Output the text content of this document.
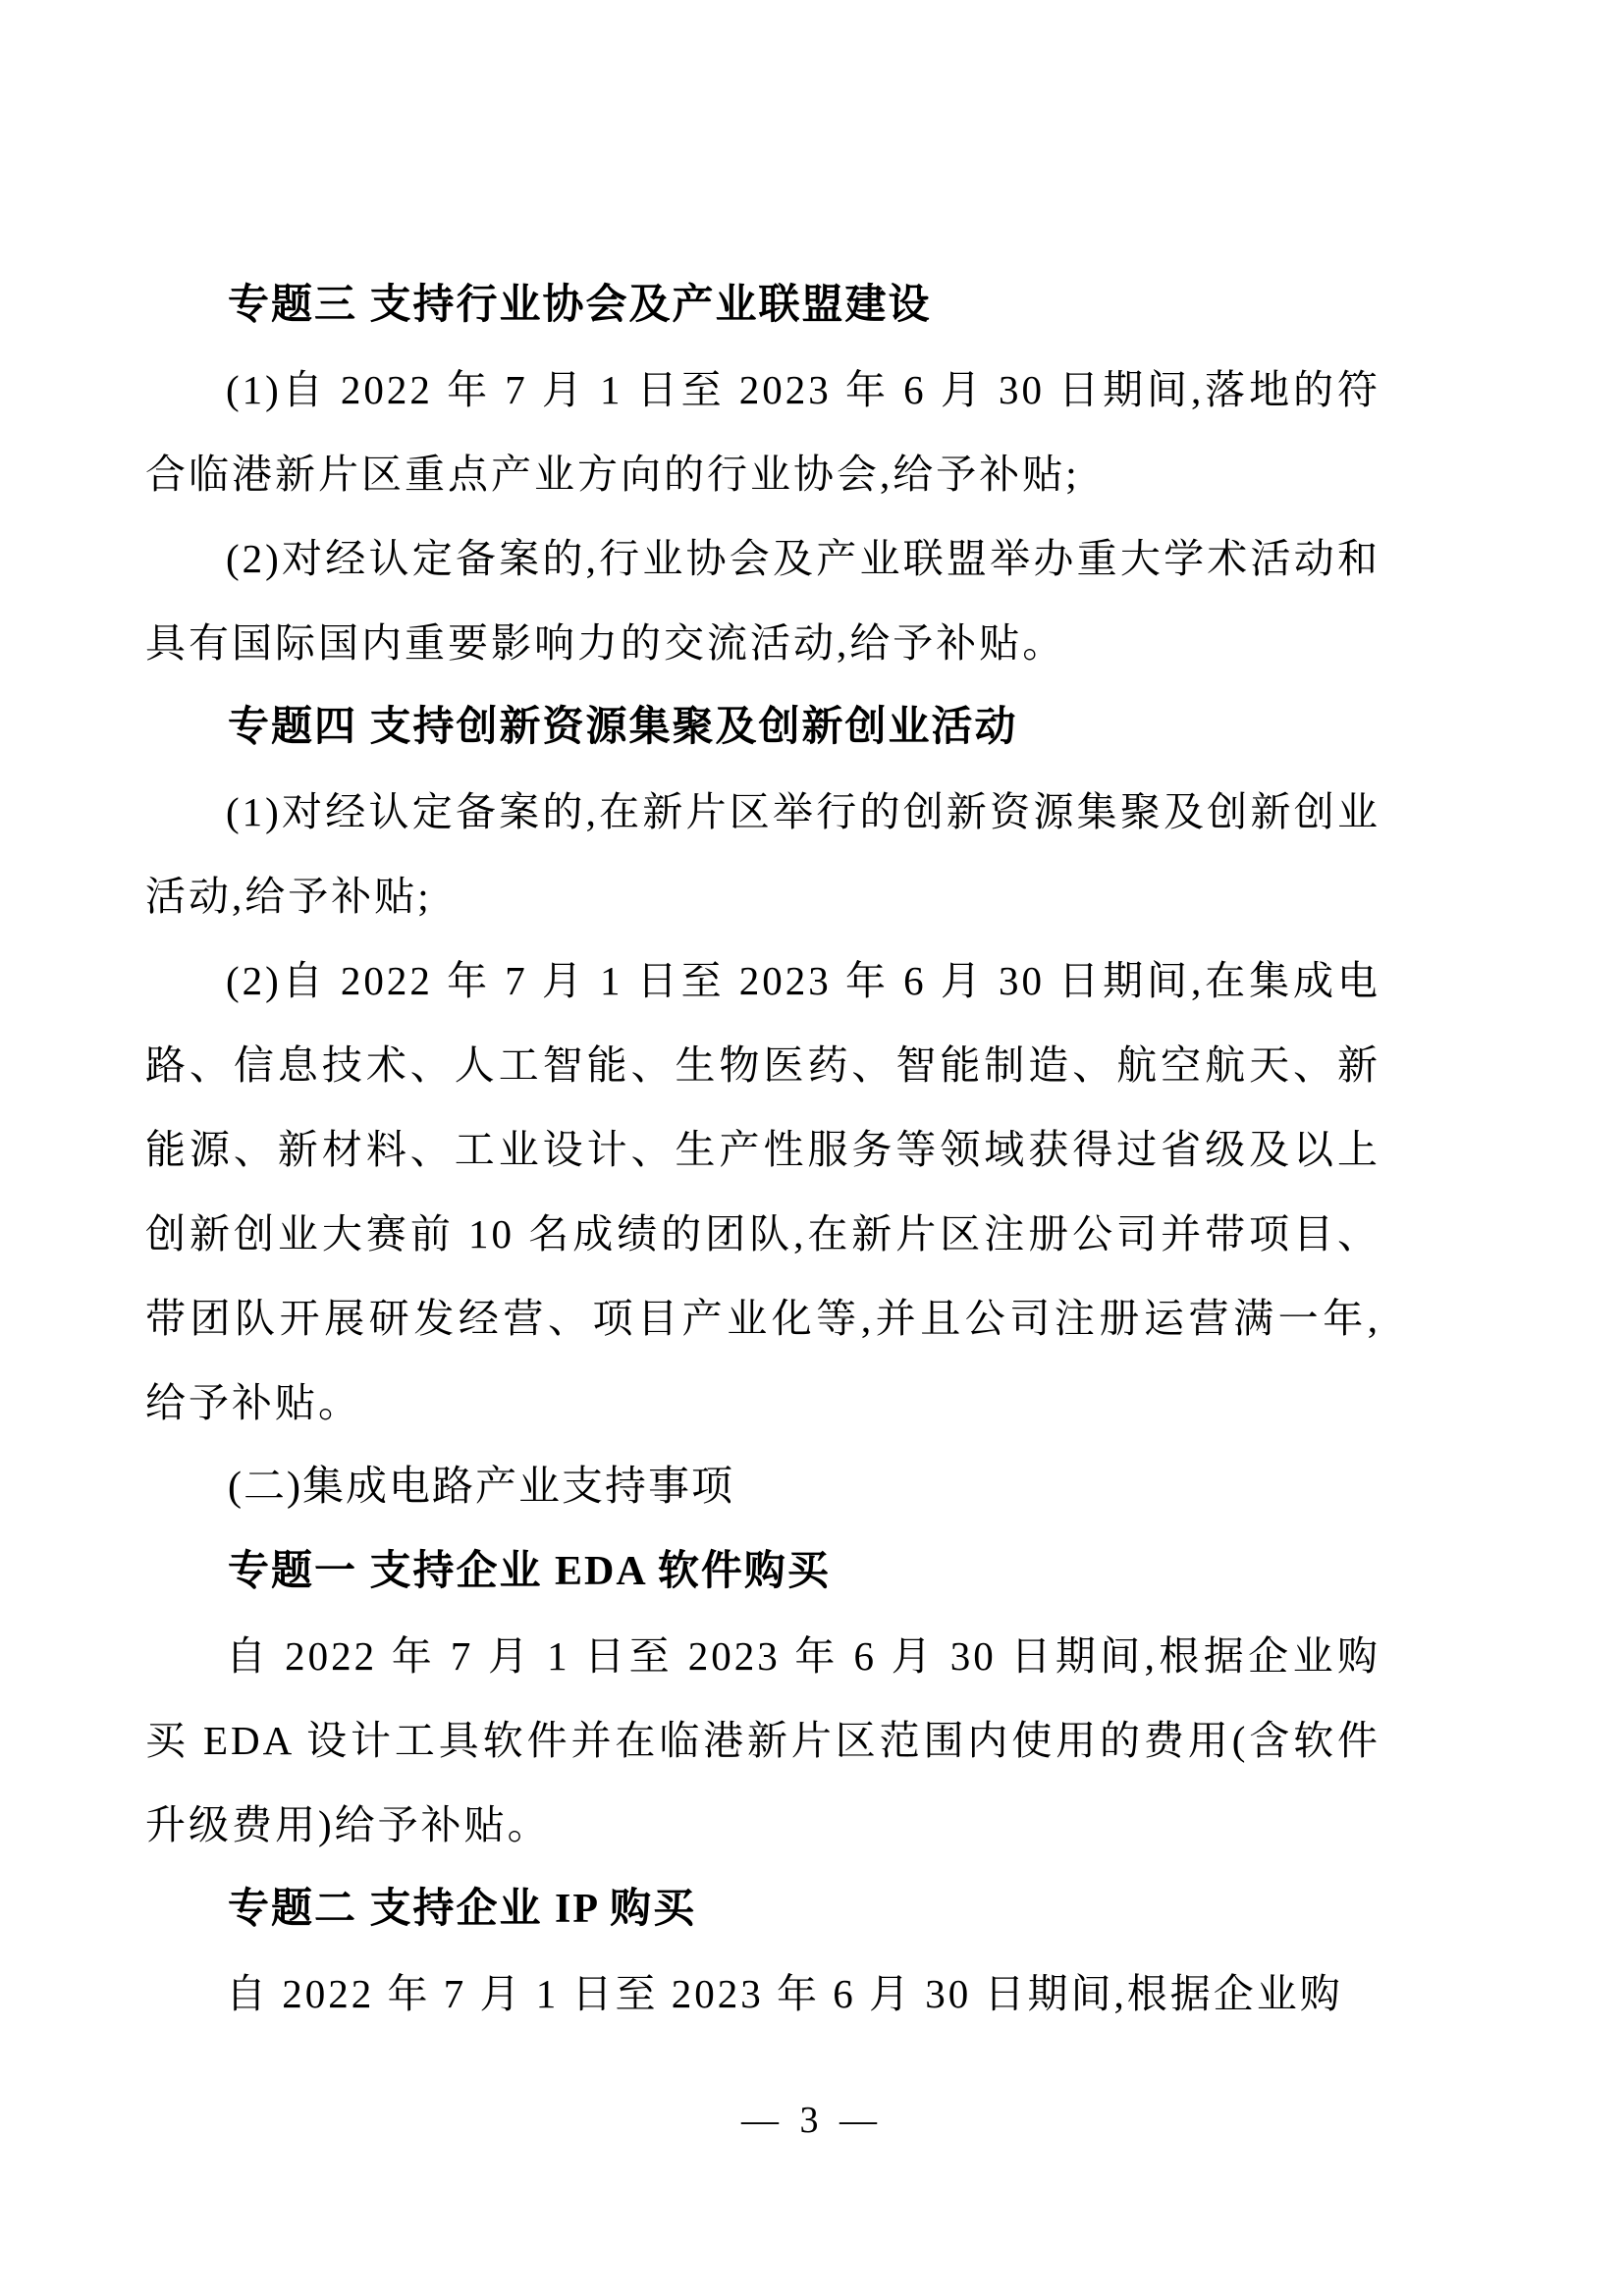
专题三 支持行业协会及产业联盟建设
(1)自 2022 年 7 月 1 日至 2023 年 6 月 30 日期间,落地的符合临港新片区重点产业方向的行业协会,给予补贴;
(2)对经认定备案的,行业协会及产业联盟举办重大学术活动和具有国际国内重要影响力的交流活动,给予补贴。
专题四 支持创新资源集聚及创新创业活动
(1)对经认定备案的,在新片区举行的创新资源集聚及创新创业活动,给予补贴;
(2)自 2022 年 7 月 1 日至 2023 年 6 月 30 日期间,在集成电路、信息技术、人工智能、生物医药、智能制造、航空航天、新能源、新材料、工业设计、生产性服务等领域获得过省级及以上创新创业大赛前 10 名成绩的团队,在新片区注册公司并带项目、带团队开展研发经营、项目产业化等,并且公司注册运营满一年,给予补贴。
(二)集成电路产业支持事项
专题一 支持企业 EDA 软件购买
自 2022 年 7 月 1 日至 2023 年 6 月 30 日期间,根据企业购买 EDA 设计工具软件并在临港新片区范围内使用的费用(含软件升级费用)给予补贴。
专题二 支持企业 IP 购买
自 2022 年 7 月 1 日至 2023 年 6 月 30 日期间,根据企业购
— 3 —
